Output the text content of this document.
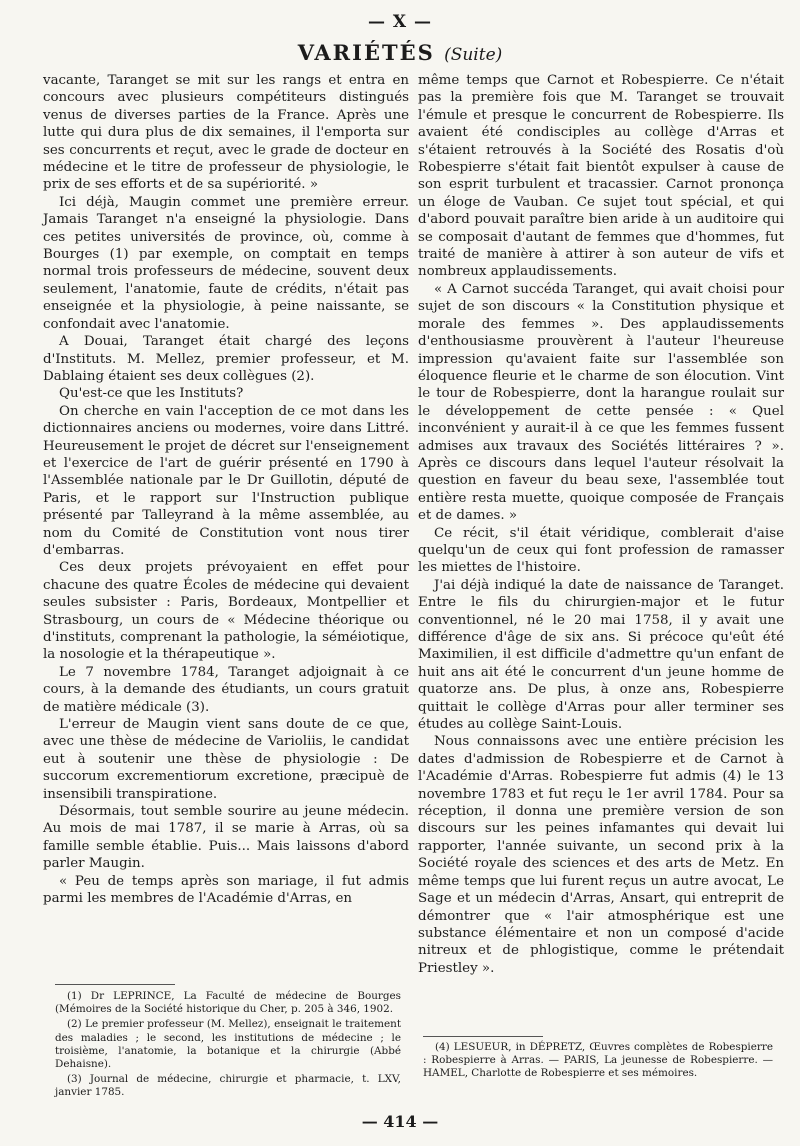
— X —
VARIÉTÉS (Suite)

vacante, Taranget se mit sur les rangs et entra en concours avec plusieurs compétiteurs distingués venus de diverses parties de la France. Après une lutte qui dura plus de dix semaines, il l'emporta sur ses concurrents et reçut, avec le grade de docteur en médecine et le titre de professeur de physiologie, le prix de ses efforts et de sa supériorité. »

Ici déjà, Maugin commet une première erreur. Jamais Taranget n'a enseigné la physiologie. Dans ces petites universités de province, où, comme à Bourges (1) par exemple, on comptait en temps normal trois professeurs de médecine, souvent deux seulement, l'anatomie, faute de crédits, n'était pas enseignée et la physiologie, à peine naissante, se confondait avec l'anatomie.

A Douai, Taranget était chargé des leçons d'Instituts. M. Mellez, premier professeur, et M. Dablaing étaient ses deux collègues (2).

Qu'est-ce que les Instituts?

On cherche en vain l'acception de ce mot dans les dictionnaires anciens ou modernes, voire dans Littré. Heureusement le projet de décret sur l'enseignement et l'exercice de l'art de guérir présenté en 1790 à l'Assemblée nationale par le Dr Guillotin, député de Paris, et le rapport sur l'Instruction publique présenté par Talleyrand à la même assemblée, au nom du Comité de Constitution vont nous tirer d'embarras.

Ces deux projets prévoyaient en effet pour chacune des quatre Écoles de médecine qui devaient seules subsister : Paris, Bordeaux, Montpellier et Strasbourg, un cours de « Médecine théorique ou d'instituts, comprenant la pathologie, la séméiotique, la nosologie et la thérapeutique ».

Le 7 novembre 1784, Taranget adjoignait à ce cours, à la demande des étudiants, un cours gratuit de matière médicale (3).

L'erreur de Maugin vient sans doute de ce que, avec une thèse de médecine de Varioliis, le candidat eut à soutenir une thèse de physiologie : De succorum excrementiorum excretione, præcipuè de insensibili transpiratione.

Désormais, tout semble sourire au jeune médecin. Au mois de mai 1787, il se marie à Arras, où sa famille semble établie. Puis... Mais laissons d'abord parler Maugin.

« Peu de temps après son mariage, il fut admis parmi les membres de l'Académie d'Arras, en

même temps que Carnot et Robespierre. Ce n'était pas la première fois que M. Taranget se trouvait l'émule et presque le concurrent de Robespierre. Ils avaient été condisciples au collège d'Arras et s'étaient retrouvés à la Société des Rosatis d'où Robespierre s'était fait bientôt expulser à cause de son esprit turbulent et tracassier. Carnot prononça un éloge de Vauban. Ce sujet tout spécial, et qui d'abord pouvait paraître bien aride à un auditoire qui se composait d'autant de femmes que d'hommes, fut traité de manière à attirer à son auteur de vifs et nombreux applaudissements.

« A Carnot succéda Taranget, qui avait choisi pour sujet de son discours « la Constitution physique et morale des femmes ». Des applaudissements d'enthousiasme prouvèrent à l'auteur l'heureuse impression qu'avaient faite sur l'assemblée son éloquence fleurie et le charme de son élocution. Vint le tour de Robespierre, dont la harangue roulait sur le développement de cette pensée : « Quel inconvénient y aurait-il à ce que les femmes fussent admises aux travaux des Sociétés littéraires ? ». Après ce discours dans lequel l'auteur résolvait la question en faveur du beau sexe, l'assemblée tout entière resta muette, quoique composée de Français et de dames. »

Ce récit, s'il était véridique, comblerait d'aise quelqu'un de ceux qui font profession de ramasser les miettes de l'histoire.

J'ai déjà indiqué la date de naissance de Taranget. Entre le fils du chirurgien-major et le futur conventionnel, né le 20 mai 1758, il y avait une différence d'âge de six ans. Si précoce qu'eût été Maximilien, il est difficile d'admettre qu'un enfant de huit ans ait été le concurrent d'un jeune homme de quatorze ans. De plus, à onze ans, Robespierre quittait le collège d'Arras pour aller terminer ses études au collège Saint-Louis.

Nous connaissons avec une entière précision les dates d'admission de Robespierre et de Carnot à l'Académie d'Arras. Robespierre fut admis (4) le 13 novembre 1783 et fut reçu le 1er avril 1784. Pour sa réception, il donna une première version de son discours sur les peines infamantes qui devait lui rapporter, l'année suivante, un second prix à la Société royale des sciences et des arts de Metz. En même temps que lui furent reçus un autre avocat, Le Sage et un médecin d'Arras, Ansart, qui entreprit de démontrer que « l'air atmosphérique est une substance élémentaire et non un composé d'acide nitreux et de phlogistique, comme le prétendait Priestley ».

(1) Dr LEPRINCE, La Faculté de médecine de Bourges (Mémoires de la Société historique du Cher, p. 205 à 346, 1902.

(2) Le premier professeur (M. Mellez), enseignait le traitement des maladies ; le second, les institutions de médecine ; le troisième, l'anatomie, la botanique et la chirurgie (Abbé Dehaisne).

(3) Journal de médecine, chirurgie et pharmacie, t. LXV, janvier 1785.

(4) LESUEUR, in DÉPRETZ, Œuvres complètes de Robespierre : Robespierre à Arras. — PARIS, La jeunesse de Robespierre. — HAMEL, Charlotte de Robespierre et ses mémoires.

— 414 —
